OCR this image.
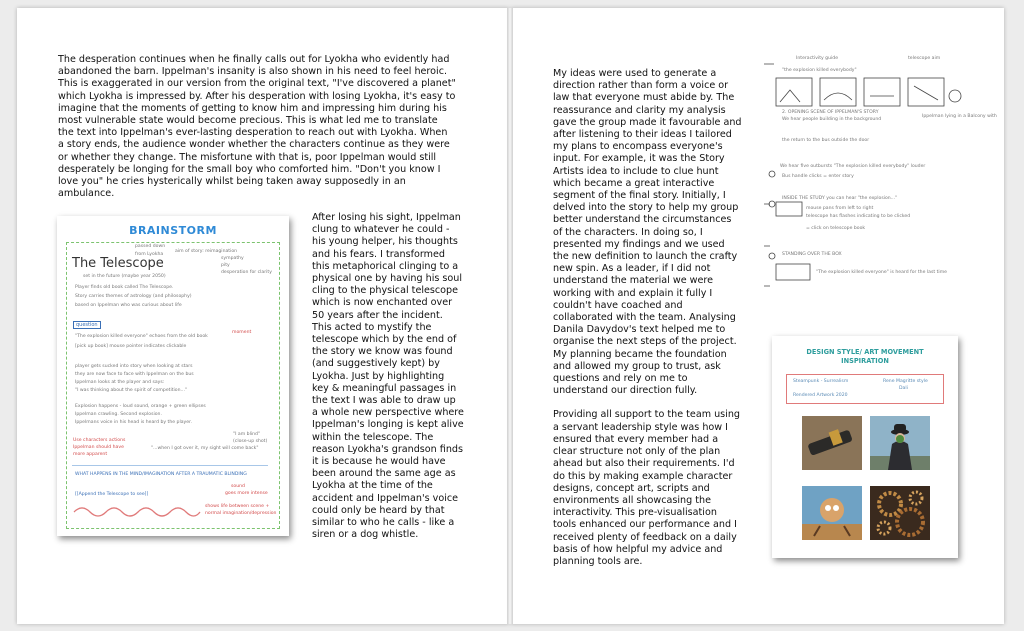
The desperation continues when he finally calls out for Lyokha who evidently had abandoned the barn. Ippelman's insanity is also shown in his need to feel heroic. This is exaggerated in our version from the original text, "I've discovered a planet" which Lyokha is impressed by. After his desperation with losing Lyokha, it's easy to imagine that the moments of getting to know him and impressing him during his most vulnerable state would become precious. This is what led me to translate the text into Ippelman's ever-lasting desperation to reach out with Lyokha. When a story ends, the audience wonder whether the characters continue as they were or whether they change. The misfortune with that is, poor Ippelman would still desperately be longing for the small boy who comforted him. "Don't you know I love you" he cries hysterically whilst being taken away supposedly in an ambulance.

After losing his sight, Ippelman clung to whatever he could - his young helper, his thoughts and his fears. I transformed this metaphorical clinging to a physical one by having his soul cling to the physical telescope which is now enchanted over 50 years after the incident. This acted to mystify the telescope which by the end of the story we know was found (and suggestively kept) by Lyokha. Just by highlighting key & meaningful passages in the text I was able to draw up a whole new perspective where Ippelman's longing is kept alive within the telescope. The reason Lyokha's grandson finds it is because he would have been around the same age as Lyokha at the time of the accident and Ippelman's voice could only be heard by that similar to who he calls - like a siren or a dog whistle.

BRAINSTORM
The Telescope
passed down
from Lyokha
aim of story: reimagination
sympathy
pity
desperation for clarity
set in the future (maybe year 2050)
Player finds old book called The Telescope.
Story carries themes of astrology (and philosophy)
based on Ippelman who was curious about life
question
"The explosion killed everyone" echoes from the old book
moment
[pick up book] mouse pointer indicates clickable
player gets sucked into story when looking at stars
they are now face to face with Ippelman on the bus
Ippelman looks at the player and says:
"I was thinking about the spirit of competition..."
Explosion happens - loud sound, orange + green ellipses
Ippelman crawling. Second explosion.
Ippelmans voice in his head is heard by the player.
Use characters actions
Ippelman should have
more apparent
"I am blind"
(close-up shot)
"...when I got over it, my sight will come back"
WHAT HAPPENS IN THE MIND/IMAGINATION AFTER A TRAUMATIC BLINDING
[[Append the Telescope to see]]
sound
goes more intense
shows life between scene +
normal imagination/depression

My ideas were used to generate a direction rather than form a voice or law that everyone must abide by. The reassurance and clarity my analysis gave the group made it favourable and after listening to their ideas I tailored my plans to encompass everyone's input. For example, it was the Story Artists idea to include to clue hunt which became a great interactive segment of the final story. Initially, I delved into the story to help my group better understand the circumstances of the characters. In doing so, I presented my findings and we used the new definition to launch the crafty new spin. As a leader, if I did not understand the material we were working with and explain it fully I couldn't have coached and collaborated with the team. Analysing Danila Davydov's text helped me to organise the next steps of the project. My planning became the foundation and allowed my group to trust, ask questions and rely on me to understand our direction fully.

Providing all support to the team using a servant leadership style was how I ensured that every member had a clear structure not only of the plan ahead but also their requirements. I'd do this by making example character designs, concept art, scripts and environments all showcasing the interactivity. This pre-visualisation tools enhanced our performance and I received plenty of feedback on a daily basis of how helpful my advice and planning tools are.

Interactivity guide	telescope aim
"the explosion killed everybody"
2. OPENING SCENE OF IPPELMAN'S STORY
We hear people building in the background
Ippelman lying in a Balcony with
the return to the bus outside the door
We hear five outbursts "The explosion killed everybody" louder
Bus handle clicks = enter story
INSIDE THE STUDY you can hear "the explosion..."
mouse pans from left to right
telescope has flashes indicating to be clicked
= click on telescope book
STANDING OVER THE BOX
"The explosion killed everyone" is heard for the last time
DESIGN STYLE/ ART MOVEMENT
INSPIRATION
Steampunk - Surrealism	Rene Magritte style
Dali
Rendered Artwork 2020
